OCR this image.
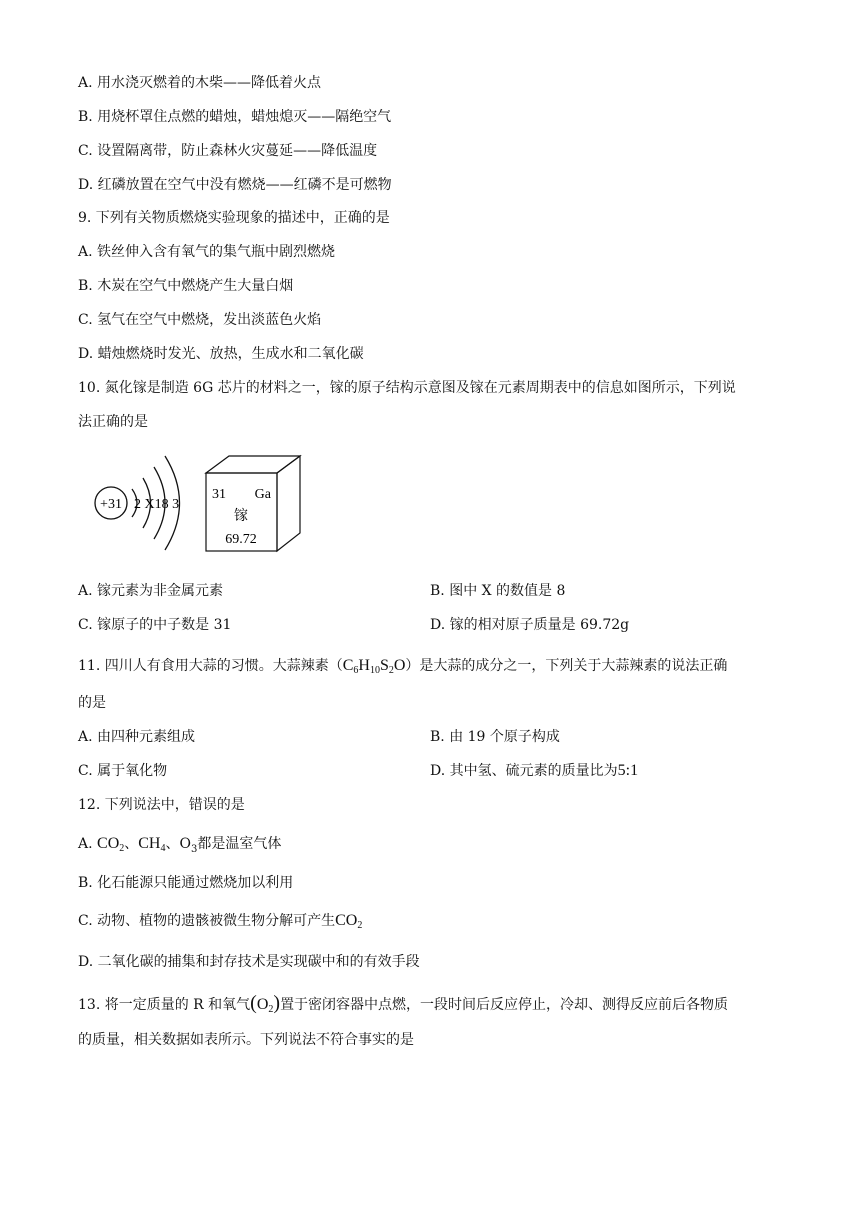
A. 用水浇灭燃着的木柴——降低着火点
B. 用烧杯罩住点燃的蜡烛，蜡烛熄灭——隔绝空气
C. 设置隔离带，防止森林火灾蔓延——降低温度
D. 红磷放置在空气中没有燃烧——红磷不是可燃物
9. 下列有关物质燃烧实验现象的描述中，正确的是
A. 铁丝伸入含有氧气的集气瓶中剧烈燃烧
B. 木炭在空气中燃烧产生大量白烟
C. 氢气在空气中燃烧，发出淡蓝色火焰
D. 蜡烛燃烧时发光、放热，生成水和二氧化碳
10. 氮化镓是制造 6G 芯片的材料之一，镓的原子结构示意图及镓在元素周期表中的信息如图所示，下列说
法正确的是
+31 2 X18 3
31 Ga
镓
69.72
A. 镓元素为非金属元素	B. 图中 X 的数值是 8
C. 镓原子的中子数是 31	D. 镓的相对原子质量是 69.72g
11. 四川人有食用大蒜的习惯。大蒜辣素$(C_6H_{10}S_2O)$是大蒜的成分之一，下列关于大蒜辣素的说法正确
的是
A. 由四种元素组成	B. 由 19 个原子构成
C. 属于氧化物	D. 其中氢、硫元素的质量比为5:1
12. 下列说法中，错误的是
A. $CO_2$、$CH_4$、$O_3$都是温室气体
B. 化石能源只能通过燃烧加以利用
C. 动物、植物的遗骸被微生物分解可产生$CO_2$
D. 二氧化碳的捕集和封存技术是实现碳中和的有效手段
13. 将一定质量的 R 和氧气$(O_2)$置于密闭容器中点燃，一段时间后反应停止，冷却、测得反应前后各物质
的质量，相关数据如表所示。下列说法不符合事实的是
